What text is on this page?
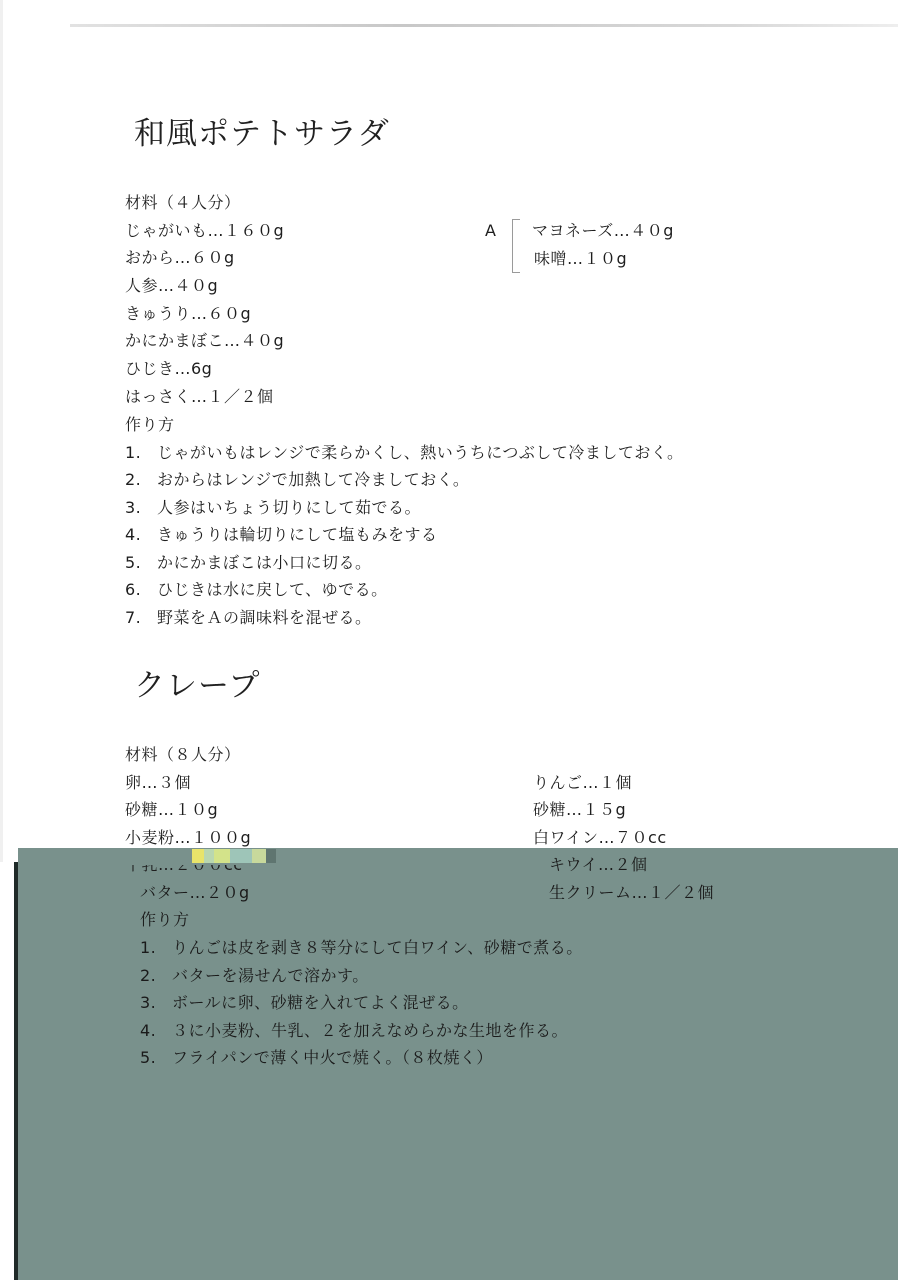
和風ポテトサラダ
材料（４人分）
じゃがいも…１６０g
おから…６０g
人参…４０g
きゅうり…６０g
かにかまぼこ…４０g
ひじき…6g
はっさく…１／２個
A マヨネーズ…４０g
味噌…１０g
作り方
1. じゃがいもはレンジで柔らかくし、熱いうちにつぶして冷ましておく。
2. おからはレンジで加熱して冷ましておく。
3. 人参はいちょう切りにして茹でる。
4. きゅうりは輪切りにして塩もみをする
5. かにかまぼこは小口に切る。
6. ひじきは水に戻して、ゆでる。
7. 野菜をＡの調味料を混ぜる。
クレープ
材料（８人分）
卵…３個
砂糖…１０g
小麦粉…１００g
バター…２０g
りんご…１個
砂糖…１５g
白ワイン…７０cc
キウイ…２個
生クリーム…１／２個
作り方
1. りんごは皮を剥き８等分にして白ワイン、砂糖で煮る。
2. バターを湯せんで溶かす。
3. ボールに卵、砂糖を入れてよく混ぜる。
4. ３に小麦粉、牛乳、２を加えなめらかな生地を作る。
5. フライパンで薄く中火で焼く。（８枚焼く）
